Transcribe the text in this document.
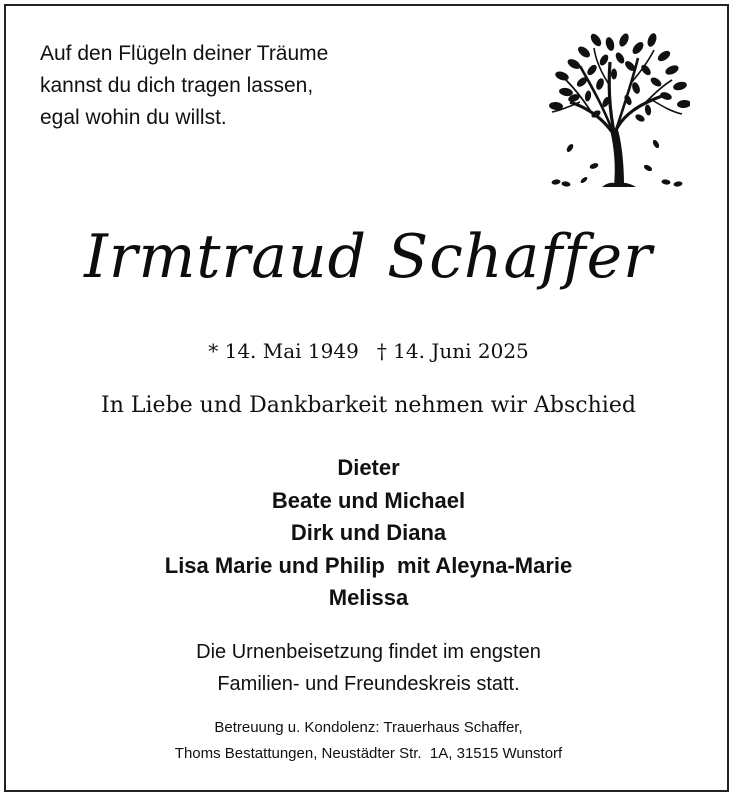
Auf den Flügeln deiner Träume
kannst du dich tragen lassen,
egal wohin du willst.
Irmtraud Schaffer
* 14. Mai 1949 † 14. Juni 2025
In Liebe und Dankbarkeit nehmen wir Abschied
Dieter
Beate und Michael
Dirk und Diana
Lisa Marie und Philip  mit Aleyna-Marie
Melissa
Die Urnenbeisetzung findet im engsten
Familien- und Freundeskreis statt.
Betreuung u. Kondolenz: Trauerhaus Schaffer,
Thoms Bestattungen, Neustädter Str.  1A, 31515 Wunstorf
